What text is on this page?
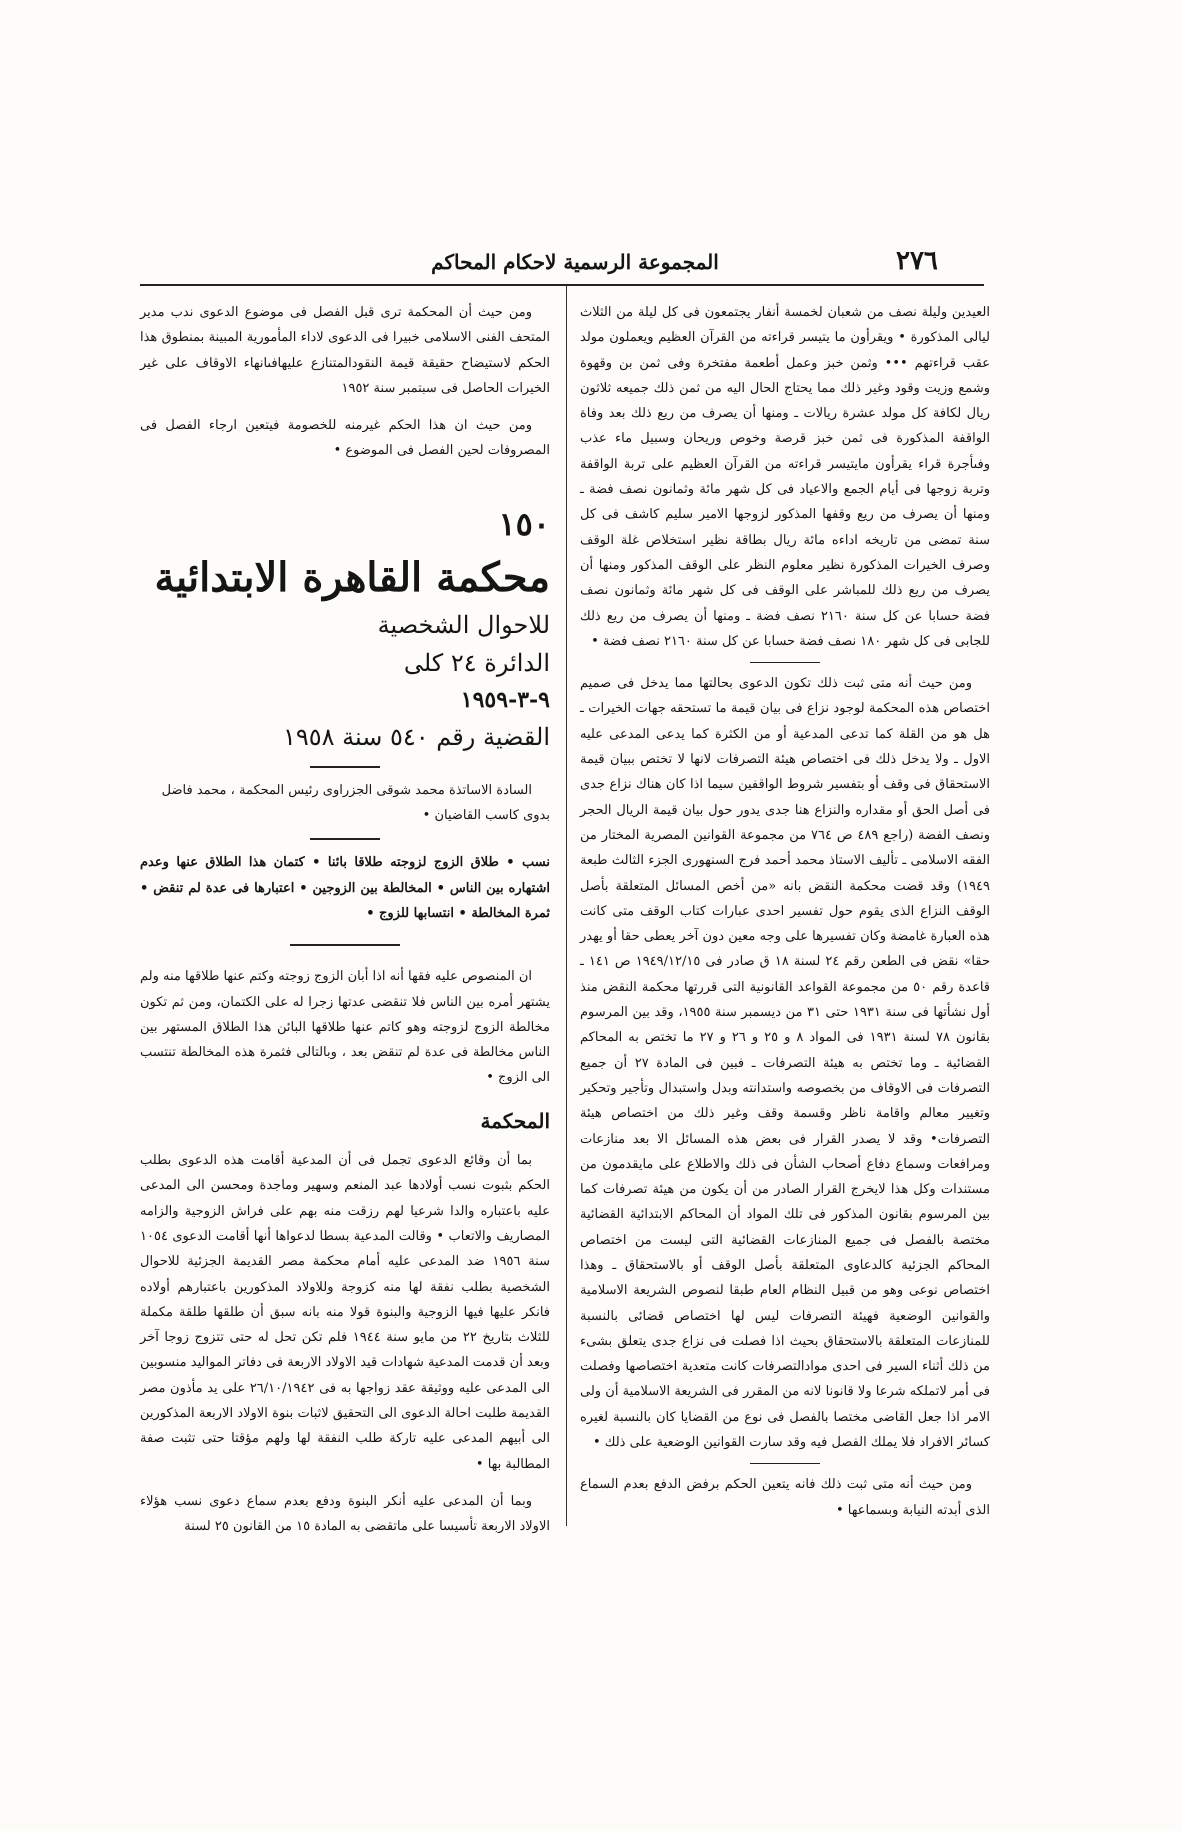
٢٧٦
المجموعة الرسمية لاحكام المحاكم

العيدين وليلة نصف من شعبان لخمسة أنفار يجتمعون فى كل ليلة من الثلاث ليالى المذكورة • ويقرأون ما يتيسر قراءته من القرآن العظيم ويعملون مولد عقب قراءتهم ••• وثمن خبز وعمل أطعمة مفتخرة وفى ثمن بن وقهوة وشمع وزيت وقود وغير ذلك مما يحتاج الحال اليه من ثمن ذلك جميعه ثلاثون ريال لكافة كل مولد عشرة ريالات ـ ومنها أن يصرف من ريع ذلك بعد وفاة الواقفة المذكورة فى ثمن خبز قرصة وخوص وريحان وسبيل ماء عذب وفىأجرة قراء يقرأون مايتيسر قراءته من القرآن العظيم على تربة الواقفة وتربة زوجها فى أيام الجمع والاعياد فى كل شهر مائة وثمانون نصف فضة ـ ومنها أن يصرف من ريع وقفها المذكور لزوجها الامير سليم كاشف فى كل سنة تمضى من تاريخه اداءه مائة ريال بطاقة نظير استخلاص غلة الوقف وصرف الخيرات المذكورة نظير معلوم النظر على الوقف المذكور ومنها أن يصرف من ريع ذلك للمباشر على الوقف فى كل شهر مائة وثمانون نصف فضة حسابا عن كل سنة ٢١٦٠ نصف فضة ـ ومنها أن يصرف من ريع ذلك للجابى فى كل شهر ١٨٠ نصف فضة حسابا عن كل سنة ٢١٦٠ نصف فضة •

ومن حيث أنه متى ثبت ذلك تكون الدعوى بحالتها مما يدخل فى صميم اختصاص هذه المحكمة لوجود نزاع فى بيان قيمة ما تستحقه جهات الخيرات ـ هل هو من القلة كما تدعى المدعية أو من الكثرة كما يدعى المدعى عليه الاول ـ ولا يدخل ذلك فى اختصاص هيئة التصرفات لانها لا تختص ببيان قيمة الاستحقاق فى وقف أو بتفسير شروط الواقفين سيما اذا كان هناك نزاع جدى فى أصل الحق أو مقداره والنزاع هنا جدى يدور حول بيان قيمة الريال الحجر ونصف الفضة (راجع ٤٨٩ ص ٧٦٤ من مجموعة القوانين المصرية المختار من الفقه الاسلامى ـ تأليف الاستاذ محمد أحمد فرج السنهورى الجزء الثالث طبعة ١٩٤٩) وقد قضت محكمة النقض بانه «من أخص المسائل المتعلقة بأصل الوقف النزاع الذى يقوم حول تفسير احدى عبارات كتاب الوقف متى كانت هذه العبارة غامضة وكان تفسيرها على وجه معين دون آخر يعطى حقا أو يهدر حقا» نقض فى الطعن رقم ٢٤ لسنة ١٨ ق صادر فى ١٩٤٩/١٢/١٥ ص ١٤١ ـ قاعدة رقم ٥٠ من مجموعة القواعد القانونية التى قررتها محكمة النقض منذ أول نشأتها فى سنة ١٩٣١ حتى ٣١ من ديسمبر سنة ١٩٥٥، وقد بين المرسوم بقانون ٧٨ لسنة ١٩٣١ فى المواد ٨ و ٢٥ و ٢٦ و ٢٧ ما تختص به المحاكم القضائية ـ وما تختص به هيئة التصرفات ـ فبين فى المادة ٢٧ أن جميع التصرفات فى الاوقاف من بخصوصه واستدانته وبدل واستبدال وتأجير وتحكير وتغيير معالم واقامة ناظر وقسمة وقف وغير ذلك من اختصاص هيئة التصرفات• وقد لا يصدر القرار فى بعض هذه المسائل الا بعد منازعات ومرافعات وسماع دفاع أصحاب الشأن فى ذلك والاطلاع على مايقدمون من مستندات وكل هذا لايخرج القرار الصادر من أن يكون من هيئة تصرفات كما بين المرسوم بقانون المذكور فى تلك المواد أن المحاكم الابتدائية القضائية مختصة بالفصل فى جميع المنازعات القضائية التى ليست من اختصاص المحاكم الجزئية كالدعاوى المتعلقة بأصل الوقف أو بالاستحقاق ـ وهذا اختصاص نوعى وهو من قبيل النظام العام طبقا لنصوص الشريعة الاسلامية والقوانين الوضعية فهيئة التصرفات ليس لها اختصاص قضائى بالنسبة للمنازعات المتعلقة بالاستحقاق بحيث اذا فصلت فى نزاع جدى يتعلق بشىء من ذلك أثناء السير فى احدى موادالتصرفات كانت متعدية اختصاصها وفصلت فى أمر لاتملكه شرعا ولا قانونا لانه من المقرر فى الشريعة الاسلامية أن ولى الامر اذا جعل القاضى مختصا بالفصل فى نوع من القضايا كان بالنسبة لغيره كسائر الافراد فلا يملك الفصل فيه وقد سارت القوانين الوضعية على ذلك •

ومن حيث أنه متى ثبت ذلك فانه يتعين الحكم برفض الدفع بعدم السماع الذى أبدته النيابة وبسماعها •

ومن حيث أن المحكمة ترى قبل الفصل فى موضوع الدعوى ندب مدير المتحف الفنى الاسلامى خبيرا فى الدعوى لاداء المأمورية المبينة بمنطوق هذا الحكم لاستيضاح حقيقة قيمة النقودالمتنازع عليهافىانهاء الاوقاف على غير الخيرات الحاصل فى سبتمبر سنة ١٩٥٢

ومن حيث ان هذا الحكم غيرمنه للخصومة فيتعين ارجاء الفصل فى المصروفات لحين الفصل فى الموضوع •

١٥٠
محكمة القاهرة الابتدائية
للاحوال الشخصية
الدائرة ٢٤ كلى
٩-٣-١٩٥٩
القضية رقم ٥٤٠ سنة ١٩٥٨

السادة الاساتذة محمد شوقى الجزراوى رئيس المحكمة ، محمد فاضل بدوى كاسب القاضيان •

نسب • طلاق الزوج لزوجته طلاقا بائنا • كتمان هذا الطلاق عنها وعدم اشتهاره بين الناس • المخالطة بين الزوجين • اعتبارها فى عدة لم تنقض • ثمرة المخالطة • انتسابها للزوج •

ان المنصوص عليه فقها أنه اذا أبان الزوج زوجته وكتم عنها طلاقها منه ولم يشتهر أمره بين الناس فلا تنقضى عدتها زجرا له على الكتمان، ومن ثم تكون مخالطة الزوج لزوجته وهو كاتم عنها طلاقها البائن هذا الطلاق المستهر بين الناس مخالطة فى عدة لم تنقض بعد ، وبالتالى فثمرة هذه المخالطة تنتسب الى الزوج •

المحكمة

بما أن وقائع الدعوى تجمل فى أن المدعية أقامت هذه الدعوى بطلب الحكم بثبوت نسب أولادها عبد المنعم وسهير وماجدة ومحسن الى المدعى عليه باعتباره والدا شرعيا لهم رزقت منه بهم على فراش الزوجية والزامه المصاريف والاتعاب • وقالت المدعية بسطا لدعواها أنها أقامت الدعوى ١٠٥٤ سنة ١٩٥٦ ضد المدعى عليه أمام محكمة مصر القديمة الجزئية للاحوال الشخصية بطلب نفقة لها منه كزوجة وللاولاد المذكورين باعتبارهم أولاده فانكر عليها فيها الزوجية والبنوة قولا منه بانه سبق أن طلقها طلقة مكملة للثلاث بتاريخ ٢٢ من مايو سنة ١٩٤٤ فلم تكن تحل له حتى تتزوج زوجا آخر وبعد أن قدمت المدعية شهادات قيد الاولاد الاربعة فى دفاتر المواليد منسوبين الى المدعى عليه ووثيقة عقد زواجها به فى ٢٦/١٠/١٩٤٢ على يد مأذون مصر القديمة طلبت احالة الدعوى الى التحقيق لاثبات بنوة الاولاد الاربعة المذكورين الى أبيهم المدعى عليه تاركة طلب النفقة لها ولهم مؤقتا حتى تثبت صفة المطالبة بها •

وبما أن المدعى عليه أنكر البنوة ودفع بعدم سماع دعوى نسب هؤلاء الاولاد الاربعة تأسيسا على ماتقضى به المادة ١٥ من القانون ٢٥ لسنة
